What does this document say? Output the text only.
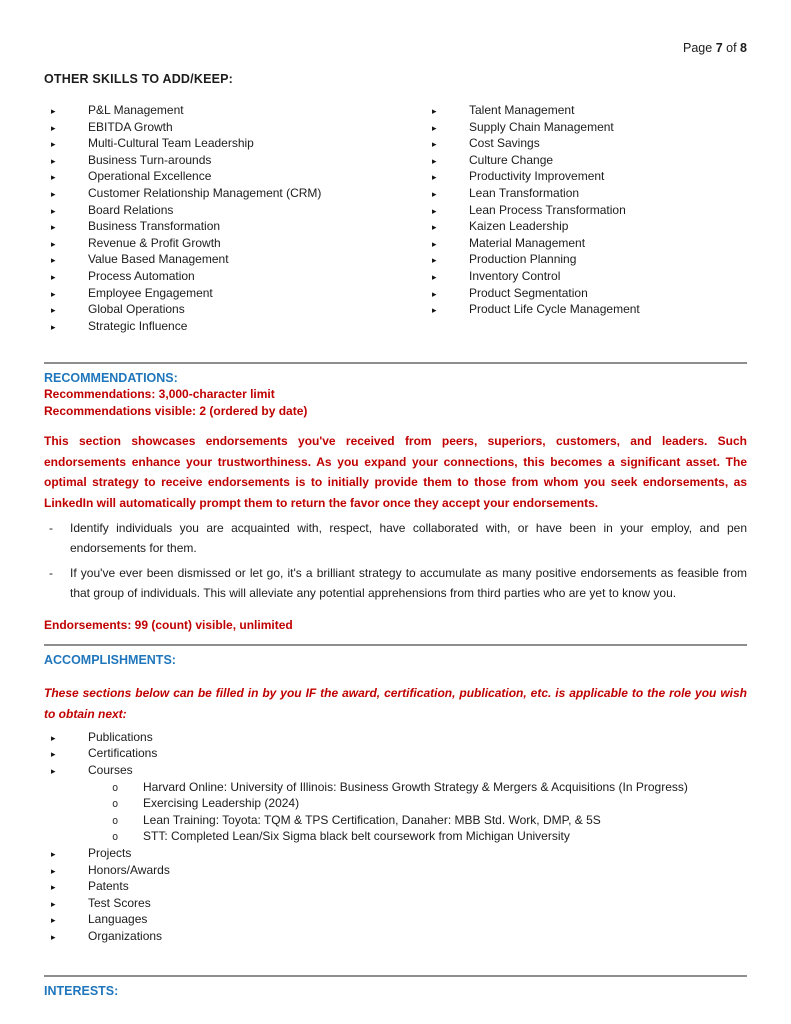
Page 7 of 8
OTHER SKILLS TO ADD/KEEP:
▸	P&L Management
▸	EBITDA Growth
▸	Multi-Cultural Team Leadership
▸	Business Turn-arounds
▸	Operational Excellence
▸	Customer Relationship Management (CRM)
▸	Board Relations
▸	Business Transformation
▸	Revenue & Profit Growth
▸	Value Based Management
▸	Process Automation
▸	Employee Engagement
▸	Global Operations
▸	Strategic Influence
▸	Talent Management
▸	Supply Chain Management
▸	Cost Savings
▸	Culture Change
▸	Productivity Improvement
▸	Lean Transformation
▸	Lean Process Transformation
▸	Kaizen Leadership
▸	Material Management
▸	Production Planning
▸	Inventory Control
▸	Product Segmentation
▸	Product Life Cycle Management
RECOMMENDATIONS:
Recommendations: 3,000-character limit
Recommendations visible: 2 (ordered by date)

This section showcases endorsements you've received from peers, superiors, customers, and leaders. Such endorsements enhance your trustworthiness. As you expand your connections, this becomes a significant asset. The optimal strategy to receive endorsements is to initially provide them to those from whom you seek endorsements, as LinkedIn will automatically prompt them to return the favor once they accept your endorsements.

-	Identify individuals you are acquainted with, respect, have collaborated with, or have been in your employ, and pen endorsements for them.
-	If you've ever been dismissed or let go, it's a brilliant strategy to accumulate as many positive endorsements as feasible from that group of individuals. This will alleviate any potential apprehensions from third parties who are yet to know you.
Endorsements: 99 (count) visible, unlimited
ACCOMPLISHMENTS:

These sections below can be filled in by you IF the award, certification, publication, etc. is applicable to the role you wish to obtain next:

▸	Publications
▸	Certifications
▸	Courses
o	Harvard Online: University of Illinois: Business Growth Strategy & Mergers & Acquisitions (In Progress)
o	Exercising Leadership (2024)
o	Lean Training: Toyota: TQM & TPS Certification, Danaher: MBB Std. Work, DMP, & 5S
o	STT: Completed Lean/Six Sigma black belt coursework from Michigan University
▸	Projects
▸	Honors/Awards
▸	Patents
▸	Test Scores
▸	Languages
▸	Organizations
INTERESTS:
